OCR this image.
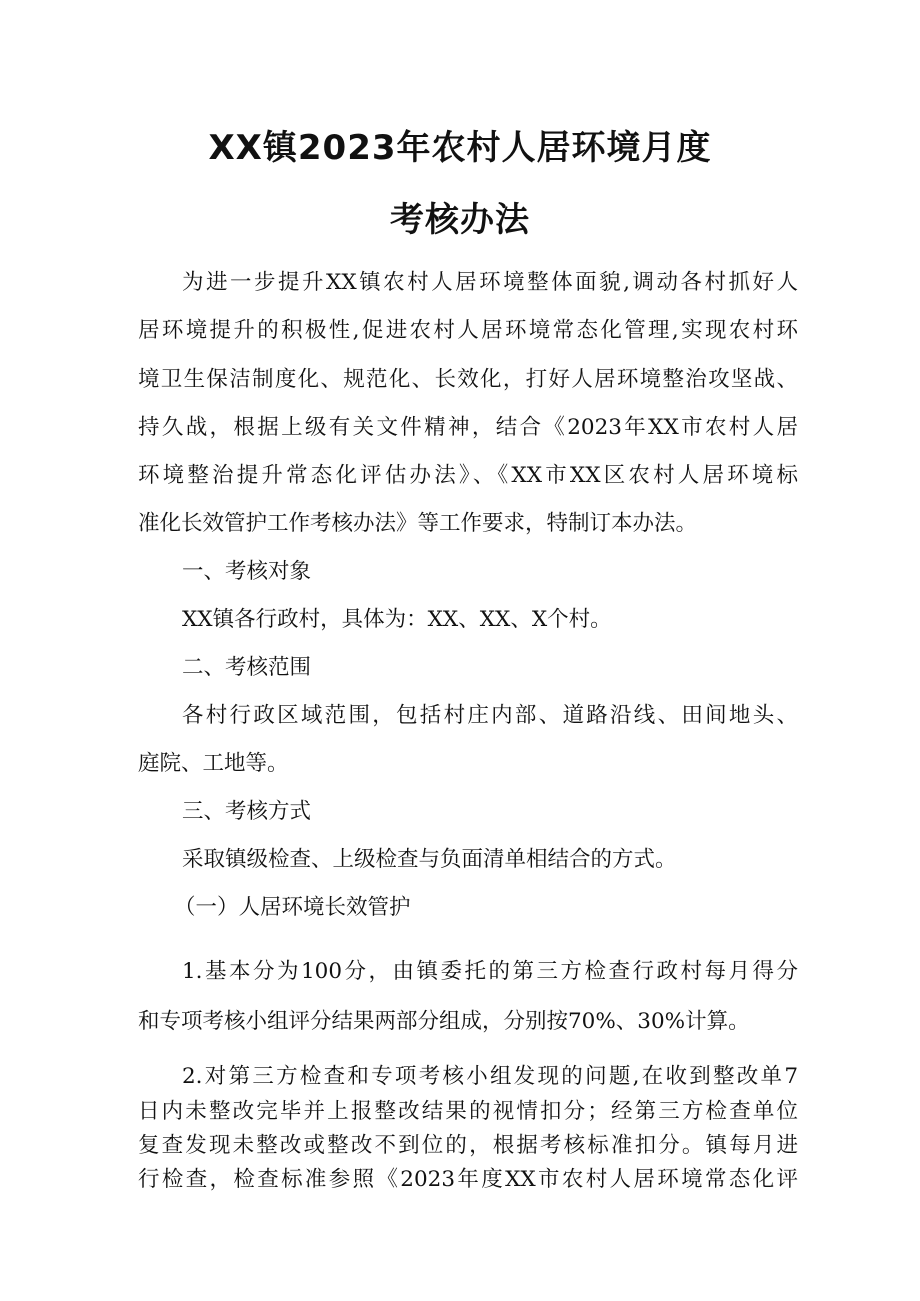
XX镇2023年农村人居环境月度
考核办法

为进一步提升XX镇农村人居环境整体面貌,调动各村抓好人

居环境提升的积极性,促进农村人居环境常态化管理,实现农村环

境卫生保洁制度化、规范化、长效化，打好人居环境整治攻坚战、

持久战，根据上级有关文件精神，结合《2023年XX市农村人居

环境整治提升常态化评估办法》、《XX市XX区农村人居环境标

准化长效管护工作考核办法》等工作要求，特制订本办法。

一、考核对象

XX镇各行政村，具体为：XX、XX、X个村。

二、考核范围

各村行政区域范围，包括村庄内部、道路沿线、田间地头、

庭院、工地等。

三、考核方式

采取镇级检查、上级检查与负面清单相结合的方式。

（一）人居环境长效管护

1.基本分为100分，由镇委托的第三方检查行政村每月得分

和专项考核小组评分结果两部分组成，分别按70%、30%计算。

2.对第三方检查和专项考核小组发现的问题,在收到整改单7

日内未整改完毕并上报整改结果的视情扣分；经第三方检查单位

复查发现未整改或整改不到位的，根据考核标准扣分。镇每月进

行检查，检查标准参照《2023年度XX市农村人居环境常态化评
